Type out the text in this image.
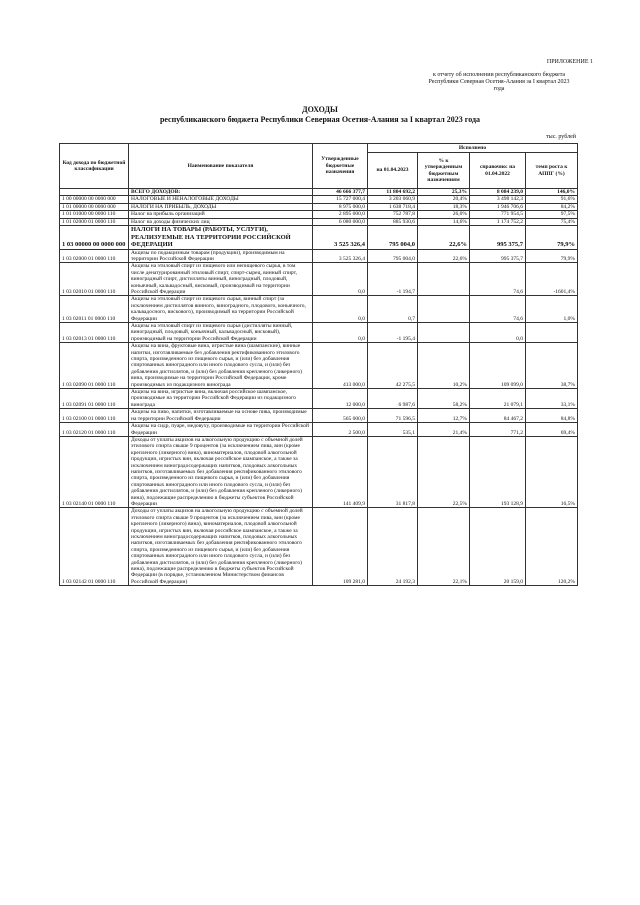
ПРИЛОЖЕНИЕ 1
к отчету об исполнении республиканского бюджета
Республики Северная Осетия-Алания за I квартал 2023
года
ДОХОДЫ
республиканского бюджета Республики Северная Осетия-Алания за I квартал 2023 года
тыс. рублей
Код дохода по бюджетной классификации	Наименование показателя	Утвержденные бюджетные назначения	Исполнено			
			на 01.04.2023	% к утвержденным бюджетным назначениям	справочно: на 01.04.2022	темп роста к АППГ (%)
	ВСЕГО ДОХОДОВ:	46 666 377,7	11 804 692,2	25,3%	8 084 239,0	146,0%
1 00 00000 00 0000 000	НАЛОГОВЫЕ И НЕНАЛОГОВЫЕ ДОХОДЫ	15 727 000,4	3 203 060,9	20,4%	3 498 142,3	91,6%
1 01 00000 00 0000 000	НАЛОГИ НА ПРИБЫЛЬ, ДОХОДЫ	8 975 000,0	1 638 718,4	18,3%	1 946 706,6	84,2%
1 01 01000 00 0000 110	Налог на прибыль организаций	2 895 000,0	752 787,8	26,0%	771 954,5	97,5%
1 01 02000 01 0000 110	Налог на доходы физических лиц	6 080 000,0	885 930,6	14,6%	1 174 752,2	75,4%
1 03 00000 00 0000 000	НАЛОГИ НА ТОВАРЫ (РАБОТЫ, УСЛУГИ), РЕАЛИЗУЕМЫЕ НА ТЕРРИТОРИИ РОССИЙСКОЙ ФЕДЕРАЦИИ	3 525 326,4	795 004,0	22,6%	995 375,7	79,9%
1 03 02000 01 0000 110	Акцизы по подакцизным товарам (продукции), производимым на территории Российской Федерации	3 525 326,4	795 004,0	22,6%	995 375,7	79,9%
1 03 02010 01 0000 110	Акцизы на этиловый спирт из пищевого или непищевого сырья, в том числе денатурированный этиловый спирт, спирт-сырец, винный спирт, виноградный спирт, дистилляты винный, виноградный, плодовый, коньячный, кальвадосный, висковый, производимый на территории Российской Федерации	0,0	-1 194,7		74,6	-1601,4%
1 03 02011 01 0000 110	Акцизы на этиловый спирт из пищевого сырья, винный спирт (за исключением дистиллятов винного, виноградного, плодового, коньячного, кальвадосного, вискового), производимый на территории Российской Федерации	0,0	0,7		74,6	1,0%
1 03 02013 01 0000 110	Акцизы на этиловый спирт из пищевого сырья (дистилляты винный, виноградный, плодовый, коньячный, кальвадосный, висковый), производимый на территории Российской Федерации	0,0	-1 195,4		0,0	
1 03 02090 01 0000 110	Акцизы на вина, фруктовые вина, игристые вина (шампанские), винные напитки, изготавливаемые без добавления ректификованного этилового спирта, произведенного из пищевого сырья, и (или) без добавления спиртованных виноградного или иного плодового сусла, и (или) без добавления дистиллятов, и (или) без добавления крепленого (ликерного) вина, производимые на территории Российской Федерации, кроме производимых из подакцизного винограда	413 000,0	42 275,5	10,2%	109 099,0	38,7%
1 03 02091 01 0000 110	Акцизы на вина, игристые вина, включая российское шампанское, производимые на территории Российской Федерации из подакцизного винограда	12 000,0	6 987,6	58,2%	21 079,1	33,1%
1 03 02100 01 0000 110	Акцизы на пиво, напитки, изготавливаемые на основе пива, производимые на территории Российской Федерации	565 000,0	71 596,5	12,7%	84 467,2	84,8%
1 03 02120 01 0000 110	Акцизы на сидр, пуаре, медовуху, производимые на территории Российской Федерации	2 500,0	535,1	21,4%	771,2	69,4%
1 03 02140 01 0000 110	Доходы от уплаты акцизов на алкогольную продукцию с объемной долей этилового спирта свыше 9 процентов (за исключением пива, вин (кроме крепленого (ликерного) вина), виноматериалов, плодовой алкогольной продукции, игристых вин, включая российское шампанское, а также за исключением виноградосодержащих напитков, плодовых алкогольных напитков, изготавливаемых без добавления ректификованного этилового спирта, произведенного из пищевого сырья, и (или) без добавления спиртованных виноградного или иного плодового сусла, и (или) без добавления дистиллятов, и (или) без добавления крепленого (ликерного) вина), подлежащие распределению в бюджеты субъектов Российской Федерации	141 409,9	31 817,8	22,5%	193 128,9	16,5%
1 03 02142 01 0000 110	Доходы от уплаты акцизов на алкогольную продукцию с объемной долей этилового спирта свыше 9 процентов (за исключением пива, вин (кроме крепленого (ликерного) вина), виноматериалов, плодовой алкогольной продукции, игристых вин, включая российское шампанское, а также за исключением виноградосодержащих напитков, плодовых алкогольных напитков, изготавливаемых без добавления ректификованного этилового спирта, произведенного из пищевого сырья, и (или) без добавления спиртованных виноградного или иного плодового сусла, и (или) без добавления дистиллятов, и (или) без добавления крепленого (ликерного) вина), подлежащие распределению в бюджеты субъектов Российской Федерации (в порядке, установленном Министерством финансов Российской Федерации)	109 281,0	24 192,3	22,1%	20 159,0	120,2%
